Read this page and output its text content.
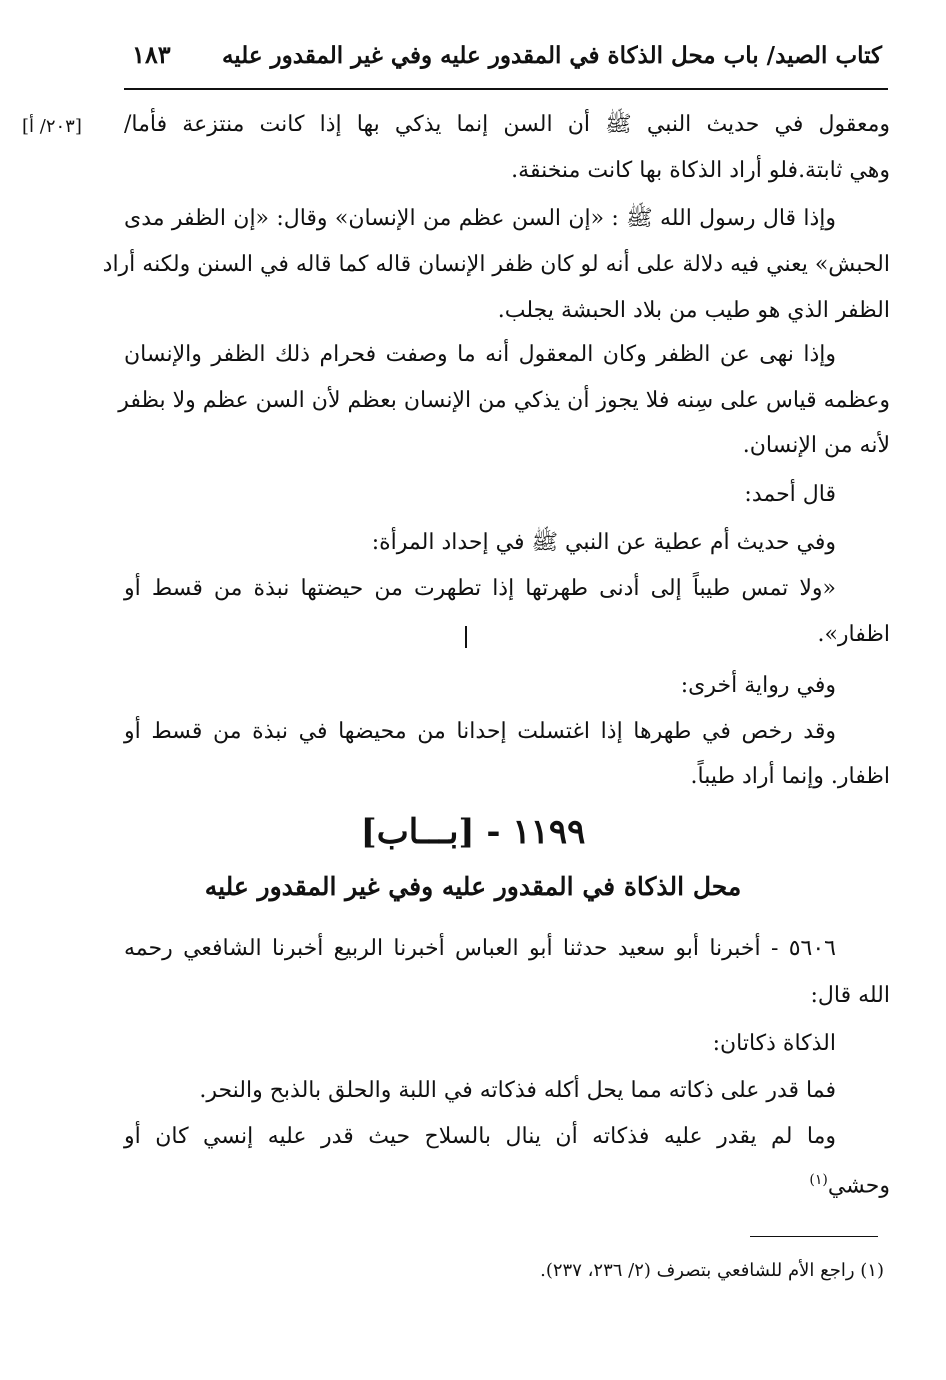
كتاب الصيد/ باب محل الذكاة في المقدور عليه وفي غير المقدور عليه
١٨٣
[٢٠٣/ أ] ومعقول في حديث النبي ﷺ أن السن إنما يذكي بها إذا كانت منتزعة فأما/
وهي ثابتة.فلو أراد الذكاة بها كانت منخنقة.
وإذا قال رسول الله ﷺ : «إن السن عظم من الإنسان» وقال: «إن الظفر مدى
الحبش» يعني فيه دلالة على أنه لو كان ظفر الإنسان قاله كما قاله في السنن ولكنه أراد
الظفر الذي هو طيب من بلاد الحبشة يجلب.
وإذا نهى عن الظفر وكان المعقول أنه ما وصفت فحرام ذلك الظفر والإنسان
وعظمه قياس على سِنه فلا يجوز أن يذكي من الإنسان بعظم لأن السن عظم ولا بظفر
لأنه من الإنسان.
قال أحمد:
وفي حديث أم عطية عن النبي ﷺ في إحداد المرأة:
«ولا تمس طيباً إلى أدنى طهرتها إذا تطهرت من حيضتها نبذة من قسط أو
اظفار».
وفي رواية أخرى:
وقد رخص في طهرها إذا اغتسلت إحدانا من محيضها في نبذة من قسط أو
اظفار. وإنما أراد طيباً.
١١٩٩ - [بـــاب]
محل الذكاة في المقدور عليه وفي غير المقدور عليه
٥٦٠٦ - أخبرنا أبو سعيد حدثنا أبو العباس أخبرنا الربيع أخبرنا الشافعي رحمه
الله قال:
الذكاة ذكاتان:
فما قدر على ذكاته مما يحل أكله فذكاته في اللبة والحلق بالذبح والنحر.
وما لم يقدر عليه فذكاته أن ينال بالسلاح حيث قدر عليه إنسي كان أو
وحشي$^{(١)}$
(١) راجع الأم للشافعي بتصرف (٢/ ٢٣٦، ٢٣٧).
